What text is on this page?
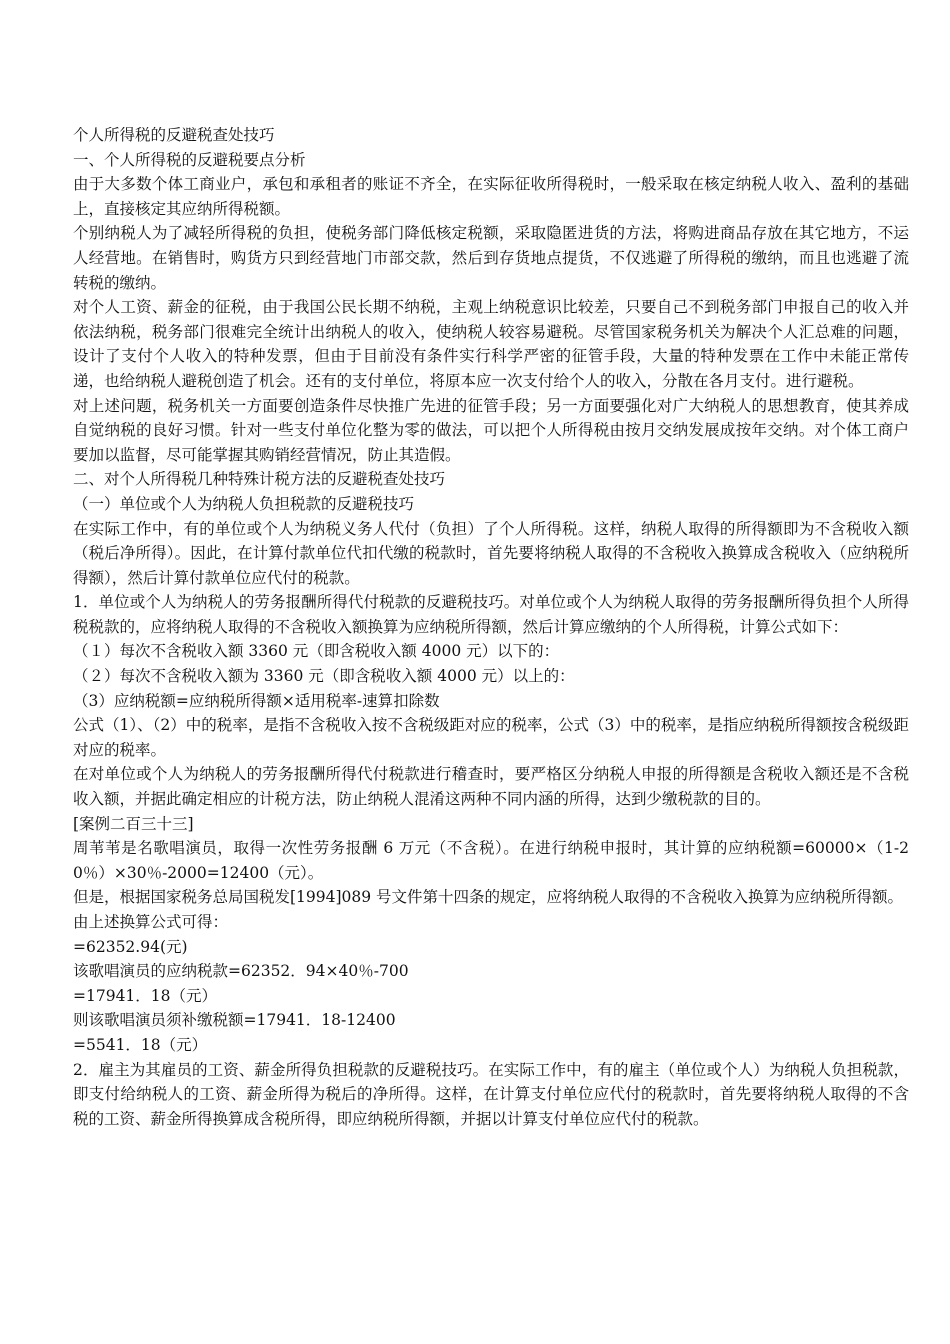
个人所得税的反避税查处技巧

一、个人所得税的反避税要点分析

由于大多数个体工商业户，承包和承租者的账证不齐全，在实际征收所得税时，一般采取在核定纳税人收入、盈利的基础上，直接核定其应纳所得税额。

个别纳税人为了减轻所得税的负担，使税务部门降低核定税额，采取隐匿进货的方法，将购进商品存放在其它地方，不运人经营地。在销售时，购货方只到经营地门市部交款，然后到存货地点提货，不仅逃避了所得税的缴纳，而且也逃避了流转税的缴纳。

对个人工资、薪金的征税，由于我国公民长期不纳税，主观上纳税意识比较差，只要自己不到税务部门申报自己的收入并依法纳税，税务部门很难完全统计出纳税人的收入，使纳税人较容易避税。尽管国家税务机关为解决个人汇总难的问题，设计了支付个人收入的特种发票，但由于目前没有条件实行科学严密的征管手段，大量的特种发票在工作中未能正常传递，也给纳税人避税创造了机会。还有的支付单位，将原本应一次支付给个人的收入，分散在各月支付。进行避税。

对上述问题，税务机关一方面要创造条件尽快推广先进的征管手段；另一方面要强化对广大纳税人的思想教育，使其养成自觉纳税的良好习惯。针对一些支付单位化整为零的做法，可以把个人所得税由按月交纳发展成按年交纳。对个体工商户要加以监督，尽可能掌握其购销经营情况，防止其造假。

二、对个人所得税几种特殊计税方法的反避税查处技巧

（一）单位或个人为纳税人负担税款的反避税技巧

在实际工作中，有的单位或个人为纳税义务人代付（负担）了个人所得税。这样，纳税人取得的所得额即为不含税收入额（税后净所得）。因此，在计算付款单位代扣代缴的税款时，首先要将纳税人取得的不含税收入换算成含税收入（应纳税所得额），然后计算付款单位应代付的税款。

1．单位或个人为纳税人的劳务报酬所得代付税款的反避税技巧。对单位或个人为纳税人取得的劳务报酬所得负担个人所得税税款的，应将纳税人取得的不含税收入额换算为应纳税所得额，然后计算应缴纳的个人所得税，计算公式如下：

（１）每次不含税收入额 3360 元（即含税收入额 4000 元）以下的：

（２）每次不含税收入额为 3360 元（即含税收入额 4000 元）以上的：

（3）应纳税额=应纳税所得额×适用税率-速算扣除数

公式（1）、（2）中的税率，是指不含税收入按不含税级距对应的税率，公式（3）中的税率，是指应纳税所得额按含税级距对应的税率。

在对单位或个人为纳税人的劳务报酬所得代付税款进行稽查时，要严格区分纳税人申报的所得额是含税收入额还是不含税收入额，并据此确定相应的计税方法，防止纳税人混淆这两种不同内涵的所得，达到少缴税款的目的。

[案例二百三十三]

周苇苇是名歌唱演员，取得一次性劳务报酬 6 万元（不含税）。在进行纳税申报时，其计算的应纳税额=60000×（1-20％）×30％-2000=12400（元）。

但是，根据国家税务总局国税发[1994]089 号文件第十四条的规定，应将纳税人取得的不含税收入换算为应纳税所得额。

由上述换算公式可得：

=62352.94(元)

该歌唱演员的应纳税款=62352．94×40％-700

=17941．18（元）

则该歌唱演员须补缴税额=17941．18-12400

=5541．18（元）

2．雇主为其雇员的工资、薪金所得负担税款的反避税技巧。在实际工作中，有的雇主（单位或个人）为纳税人负担税款，即支付给纳税人的工资、薪金所得为税后的净所得。这样，在计算支付单位应代付的税款时，首先要将纳税人取得的不含税的工资、薪金所得换算成含税所得，即应纳税所得额，并据以计算支付单位应代付的税款。
